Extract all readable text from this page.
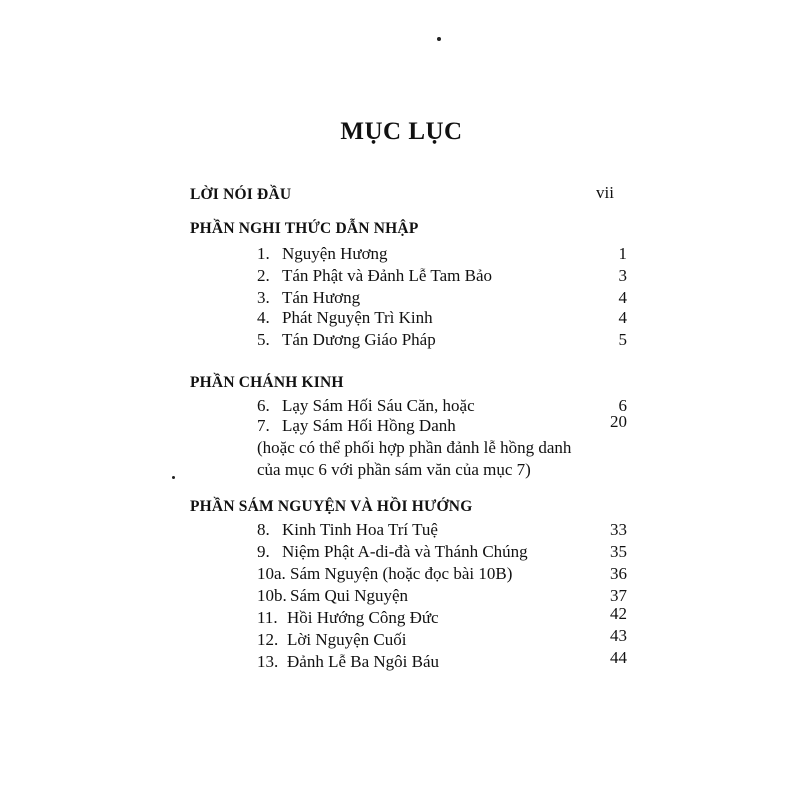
MỤC LỤC
LỜI NÓI ĐẦU	vii
PHẦN NGHI THỨC DẪN NHẬP
1. Nguyện Hương	1
2. Tán Phật và Đảnh Lễ Tam Bảo	3
3. Tán Hương	4
4. Phát Nguyện Trì Kinh	4
5. Tán Dương Giáo Pháp	5
PHẦN CHÁNH KINH
6. Lạy Sám Hối Sáu Căn, hoặc	6
7. Lạy Sám Hối Hồng Danh	20
(hoặc có thể phối hợp phần đảnh lễ hồng danh
của mục 6 với phần sám văn của mục 7)
PHẦN SÁM NGUYỆN VÀ HỒI HƯỚNG
8. Kinh Tinh Hoa Trí Tuệ	33
9. Niệm Phật A-di-đà và Thánh Chúng	35
10a. Sám Nguyện (hoặc đọc bài 10B)	36
10b. Sám Qui Nguyện	37
11. Hồi Hướng Công Đức	42
12. Lời Nguyện Cuối	43
13. Đảnh Lễ Ba Ngôi Báu	44
